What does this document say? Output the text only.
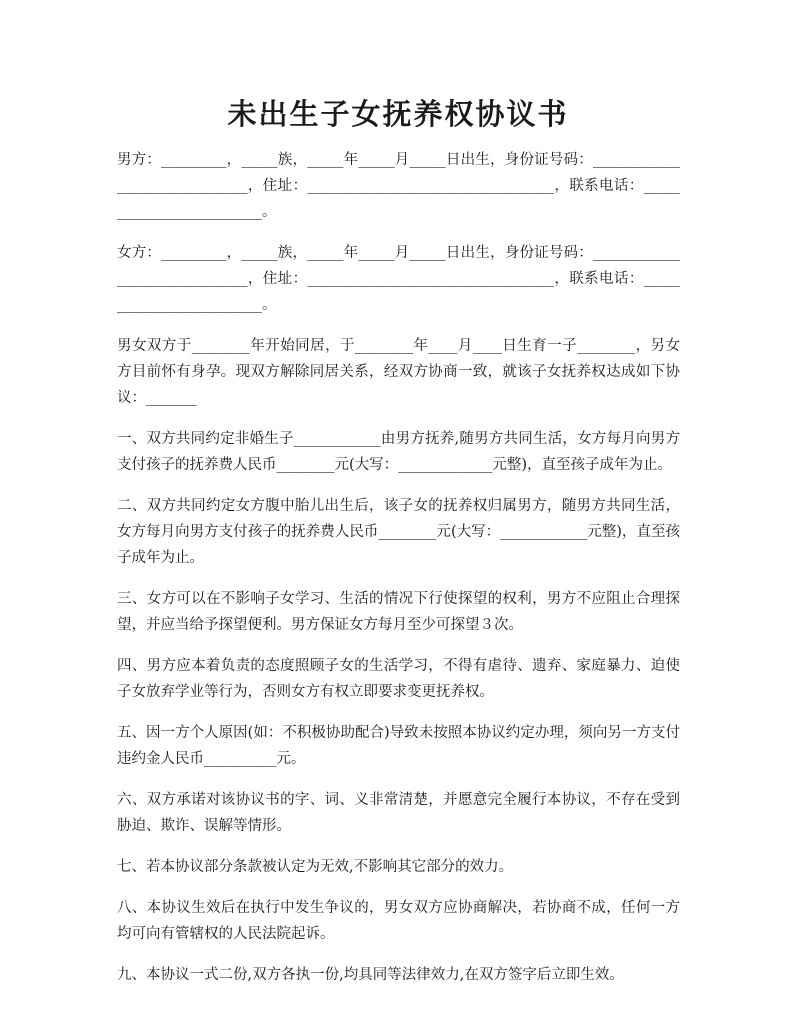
未出生子女抚养权协议书

男方：_________，_____族，_____年_____月_____日出生，身份证号码：______________________________，住址：__________________________________，联系电话：_________________________。

女方：_________，_____族，_____年_____月_____日出生，身份证号码：______________________________，住址：__________________________________，联系电话：_________________________。

男女双方于________年开始同居，于________年____月____日生育一子________，另女方目前怀有身孕。现双方解除同居关系，经双方协商一致，就该子女抚养权达成如下协议：_______

一、双方共同约定非婚生子____________由男方抚养,随男方共同生活，女方每月向男方支付孩子的抚养费人民币________元(大写：_____________元整)，直至孩子成年为止。

二、双方共同约定女方腹中胎儿出生后，该子女的抚养权归属男方，随男方共同生活，女方每月向男方支付孩子的抚养费人民币________元(大写：____________元整)，直至孩子成年为止。

三、女方可以在不影响子女学习、生活的情况下行使探望的权利，男方不应阻止合理探望，并应当给予探望便利。男方保证女方每月至少可探望３次。

四、男方应本着负责的态度照顾子女的生活学习，不得有虐待、遗弃、家庭暴力、迫使子女放弃学业等行为，否则女方有权立即要求变更抚养权。

五、因一方个人原因(如：不积极协助配合)导致未按照本协议约定办理，须向另一方支付违约金人民币__________元。

六、双方承诺对该协议书的字、词、义非常清楚，并愿意完全履行本协议，不存在受到胁迫、欺诈、误解等情形。

七、若本协议部分条款被认定为无效,不影响其它部分的效力。

八、本协议生效后在执行中发生争议的，男女双方应协商解决，若协商不成，任何一方均可向有管辖权的人民法院起诉。

九、本协议一式二份,双方各执一份,均具同等法律效力,在双方签字后立即生效。
